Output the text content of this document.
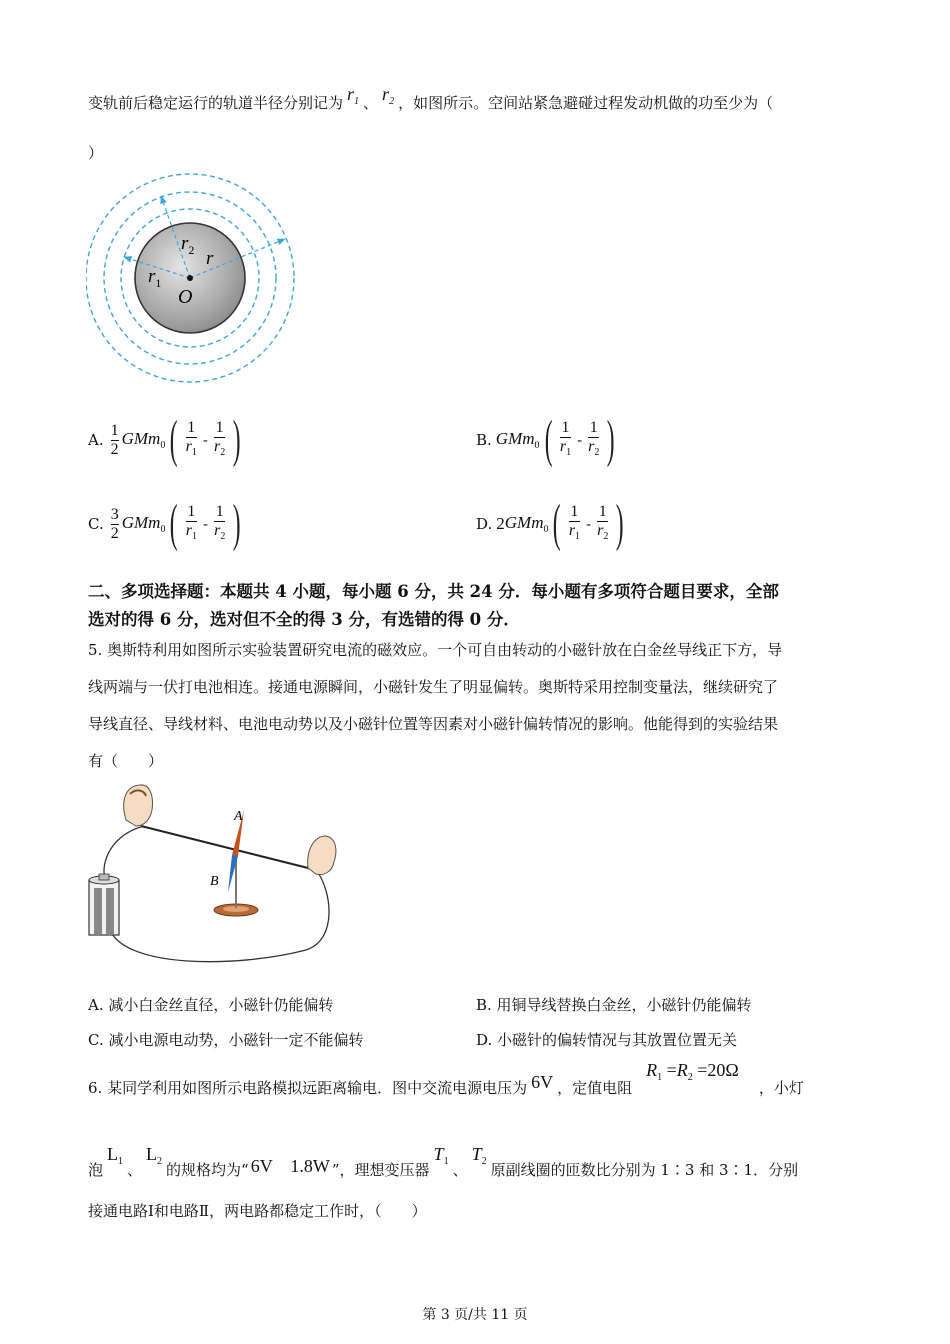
变轨前后稳定运行的轨道半径分别记为 $r_1$ 、 $r_2$ ，如图所示。空间站紧急避碰过程发动机做的功至少为（
）
r
$r_2$
$r_1$
O
A. $\frac{1}{2} GMm_0$ ( $\frac{1}{r_1} - \frac{1}{r_2}$ )	B. GMm$_0$ ( $\frac{1}{r_1} - \frac{1}{r_2}$ )
C. $\frac{3}{2} GMm_0$ ( $\frac{1}{r_1} - \frac{1}{r_2}$ )	D. 2 GMm$_0$ ( $\frac{1}{r_1} - \frac{1}{r_2}$ )
二、多项选择题：本题共 4 小题，每小题 6 分，共 24 分．每小题有多项符合题目要求，全部
选对的得 6 分，选对但不全的得 3 分，有选错的得 0 分．
5. 奥斯特利用如图所示实验装置研究电流的磁效应。一个可自由转动的小磁针放在白金丝导线正下方，导
线两端与一伏打电池相连。接通电源瞬间，小磁针发生了明显偏转。奥斯特采用控制变量法，继续研究了
导线直径、导线材料、电池电动势以及小磁针位置等因素对小磁针偏转情况的影响。他能得到的实验结果
有（　　）
A
B
A. 减小白金丝直径，小磁针仍能偏转	B. 用铜导线替换白金丝，小磁针仍能偏转
C. 减小电源电动势，小磁针一定不能偏转	D. 小磁针的偏转情况与其放置位置无关
6. 某同学利用如图所示电路模拟远距离输电．图中交流电源电压为 6V ，定值电阻
$R_1 =R_2 =20\Omega$
，小灯
泡
$L_1$ 、
$L_2$ 的规格均为“ 6V　1.8W ”，理想变压器
$T_1$ 、
$T_2$ 原副线圈的匝数比分别为 1∶3 和 3∶1．分别
接通电路Ⅰ和电路Ⅱ，两电路都稳定工作时，（　　）
第 3 页/共 11 页
